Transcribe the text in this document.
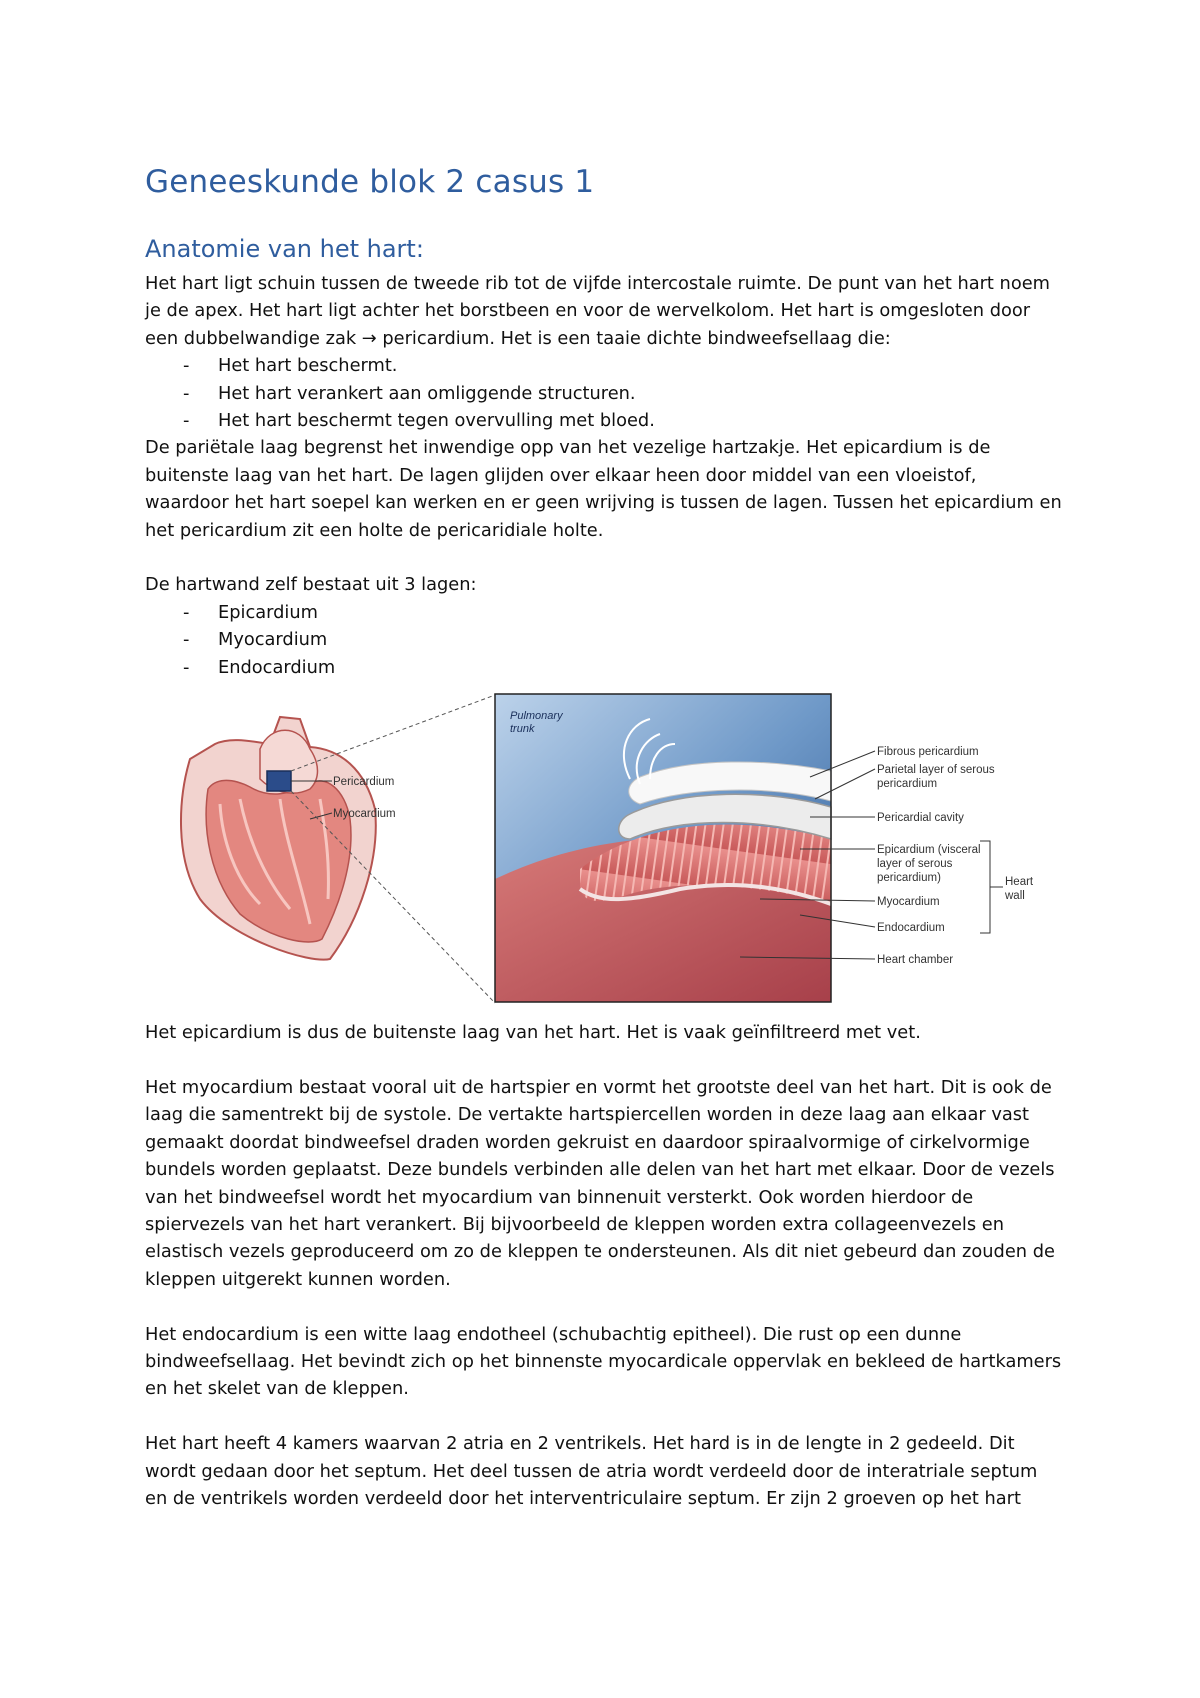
Geneeskunde blok 2 casus 1
Anatomie van het hart:

Het hart ligt schuin tussen de tweede rib tot de vijfde intercostale ruimte. De punt van het hart noem je de apex. Het hart ligt achter het borstbeen en voor de wervelkolom. Het hart is omgesloten door een dubbelwandige zak → pericardium. Het is een taaie dichte bindweefsellaag die:

- Het hart beschermt.
- Het hart verankert aan omliggende structuren.
- Het hart beschermt tegen overvulling met bloed.

De pariëtale laag begrenst het inwendige opp van het vezelige hartzakje. Het epicardium is de buitenste laag van het hart. De lagen glijden over elkaar heen door middel van een vloeistof, waardoor het hart soepel kan werken en er geen wrijving is tussen de lagen. Tussen het epicardium en het pericardium zit een holte de pericaridiale holte.

De hartwand zelf bestaat uit 3 lagen:

- Epicardium
- Myocardium
- Endocardium
Pericardium
Myocardium
Pulmonary
trunk
Fibrous pericardium
Parietal layer of serous
pericardium
Pericardial cavity
Epicardium (visceral
layer of serous
pericardium)
Myocardium
Endocardium
Heart chamber
Heart
wall

Het epicardium is dus de buitenste laag van het hart. Het is vaak geïnfiltreerd met vet.

Het myocardium bestaat vooral uit de hartspier en vormt het grootste deel van het hart. Dit is ook de laag die samentrekt bij de systole. De vertakte hartspiercellen worden in deze laag aan elkaar vast gemaakt doordat bindweefsel draden worden gekruist en daardoor spiraalvormige of cirkelvormige bundels worden geplaatst. Deze bundels verbinden alle delen van het hart met elkaar. Door de vezels van het bindweefsel wordt het myocardium van binnenuit versterkt. Ook worden hierdoor de spiervezels van het hart verankert. Bij bijvoorbeeld de kleppen worden extra collageenvezels en elastisch vezels geproduceerd om zo de kleppen te ondersteunen. Als dit niet gebeurd dan zouden de kleppen uitgerekt kunnen worden.

Het endocardium is een witte laag endotheel (schubachtig epitheel). Die rust op een dunne bindweefsellaag. Het bevindt zich op het binnenste myocardicale oppervlak en bekleed de hartkamers en het skelet van de kleppen.

Het hart heeft 4 kamers waarvan 2 atria en 2 ventrikels. Het hard is in de lengte in 2 gedeeld. Dit wordt gedaan door het septum. Het deel tussen de atria wordt verdeeld door de interatriale septum en de ventrikels worden verdeeld door het interventriculaire septum. Er zijn 2 groeven op het hart
